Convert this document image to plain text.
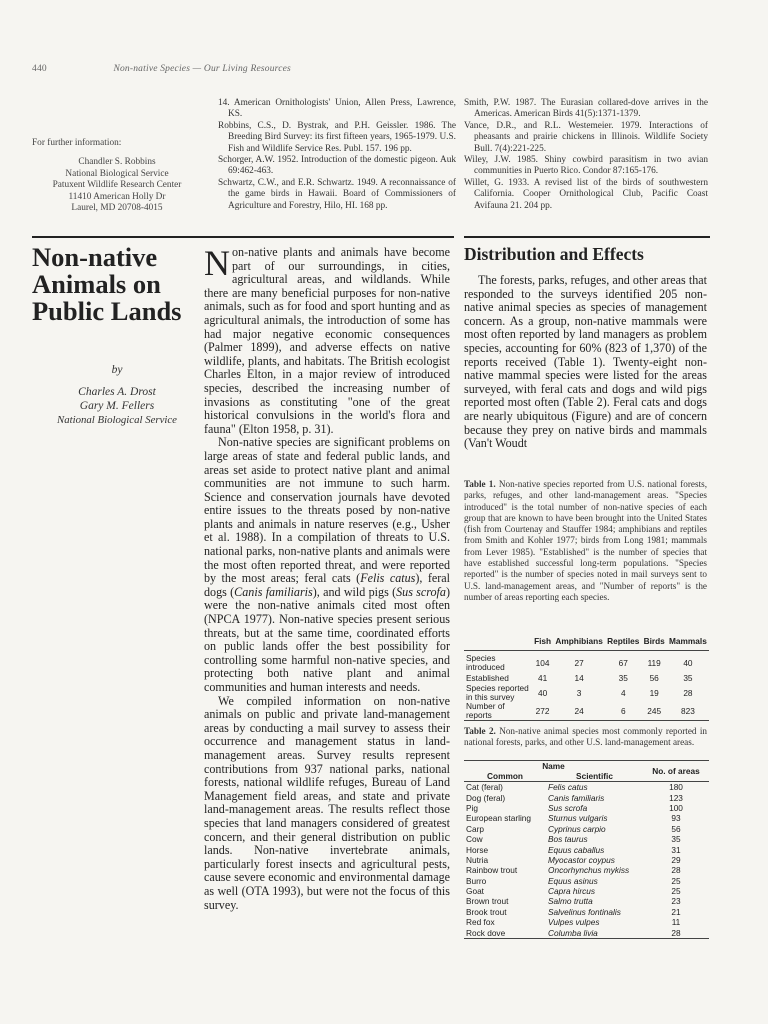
440	Non-native Species — Our Living Resources

14. American Ornithologists' Union, Allen Press, Lawrence, KS.

Robbins, C.S., D. Bystrak, and P.H. Geissler. 1986. The Breeding Bird Survey: its first fifteen years, 1965-1979. U.S. Fish and Wildlife Service Res. Publ. 157. 196 pp.

Schorger, A.W. 1952. Introduction of the domestic pigeon. Auk 69:462-463.

Schwartz, C.W., and E.R. Schwartz. 1949. A reconnaissance of the game birds in Hawaii. Board of Commissioners of Agriculture and Forestry, Hilo, HI. 168 pp.

Smith, P.W. 1987. The Eurasian collared-dove arrives in the Americas. American Birds 41(5):1371-1379.

Vance, D.R., and R.L. Westemeier. 1979. Interactions of pheasants and prairie chickens in Illinois. Wildlife Society Bull. 7(4):221-225.

Wiley, J.W. 1985. Shiny cowbird parasitism in two avian communities in Puerto Rico. Condor 87:165-176.

Willet, G. 1933. A revised list of the birds of southwestern California. Cooper Ornithological Club, Pacific Coast Avifauna 21. 204 pp.

For further information:
Chandler S. Robbins
National Biological Service
Patuxent Wildlife Research Center
11410 American Holly Dr
Laurel, MD 20708-4015
Non-native Animals on Public Lands
by
Charles A. Drost
Gary M. Fellers
National Biological Service

Non-native plants and animals have become part of our surroundings, in cities, agricultural areas, and wildlands. While there are many beneficial purposes for non-native animals, such as for food and sport hunting and as agricultural animals, the introduction of some has had major negative economic consequences (Palmer 1899), and adverse effects on native wildlife, plants, and habitats. The British ecologist Charles Elton, in a major review of introduced species, described the increasing number of invasions as constituting "one of the great historical convulsions in the world's flora and fauna" (Elton 1958, p. 31).

Non-native species are significant problems on large areas of state and federal public lands, and areas set aside to protect native plant and animal communities are not immune to such harm. Science and conservation journals have devoted entire issues to the threats posed by non-native plants and animals in nature reserves (e.g., Usher et al. 1988). In a compilation of threats to U.S. national parks, non-native plants and animals were the most often reported threat, and were reported by the most areas; feral cats (Felis catus), feral dogs (Canis familiaris), and wild pigs (Sus scrofa) were the non-native animals cited most often (NPCA 1977). Non-native species present serious threats, but at the same time, coordinated efforts on public lands offer the best possibility for controlling some harmful non-native species, and protecting both native plant and animal communities and human interests and needs.

We compiled information on non-native animals on public and private land-management areas by conducting a mail survey to assess their occurrence and management status in land-management areas. Survey results represent contributions from 937 national parks, national forests, national wildlife refuges, Bureau of Land Management field areas, and state and private land-management areas. The results reflect those species that land managers considered of greatest concern, and their general distribution on public lands. Non-native invertebrate animals, particularly forest insects and agricultural pests, cause severe economic and environmental damage as well (OTA 1993), but were not the focus of this survey.

Distribution and Effects

The forests, parks, refuges, and other areas that responded to the surveys identified 205 non-native animal species as species of management concern. As a group, non-native mammals were most often reported by land managers as problem species, accounting for 60% (823 of 1,370) of the reports received (Table 1). Twenty-eight non-native mammal species were listed for the areas surveyed, with feral cats and dogs and wild pigs reported most often (Table 2). Feral cats and dogs are nearly ubiquitous (Figure) and are of concern because they prey on native birds and mammals (Van't Woudt

Table 1. Non-native species reported from U.S. national forests, parks, refuges, and other land-management areas. "Species introduced" is the total number of non-native species of each group that are known to have been brought into the United States (fish from Courtenay and Stauffer 1984; amphibians and reptiles from Smith and Kohler 1977; birds from Long 1981; mammals from Lever 1985). "Established" is the number of species that have established successful long-term populations. "Species reported" is the number of species noted in mail surveys sent to U.S. land-management areas, and "Number of reports" is the number of areas reporting each species.
	Fish	Amphibians	Reptiles	Birds	Mammals
Species introduced	104	27	67	119	40
Established	41	14	35	56	35
Species reported in this survey	40	3	4	19	28
Number of reports	272	24	6	245	823
Table 2. Non-native animal species most commonly reported in national forests, parks, and other U.S. land-management areas.
Name		No. of areas
Common	Scientific	
Cat (feral)	Felis catus	180
Dog (feral)	Canis familiaris	123
Pig	Sus scrofa	100
European starling	Sturnus vulgaris	93
Carp	Cyprinus carpio	56
Cow	Bos taurus	35
Horse	Equus caballus	31
Nutria	Myocastor coypus	29
Rainbow trout	Oncorhynchus mykiss	28
Burro	Equus asinus	25
Goat	Capra hircus	25
Brown trout	Salmo trutta	23
Brook trout	Salvelinus fontinalis	21
Red fox	Vulpes vulpes	11
Rock dove	Columba livia	28
